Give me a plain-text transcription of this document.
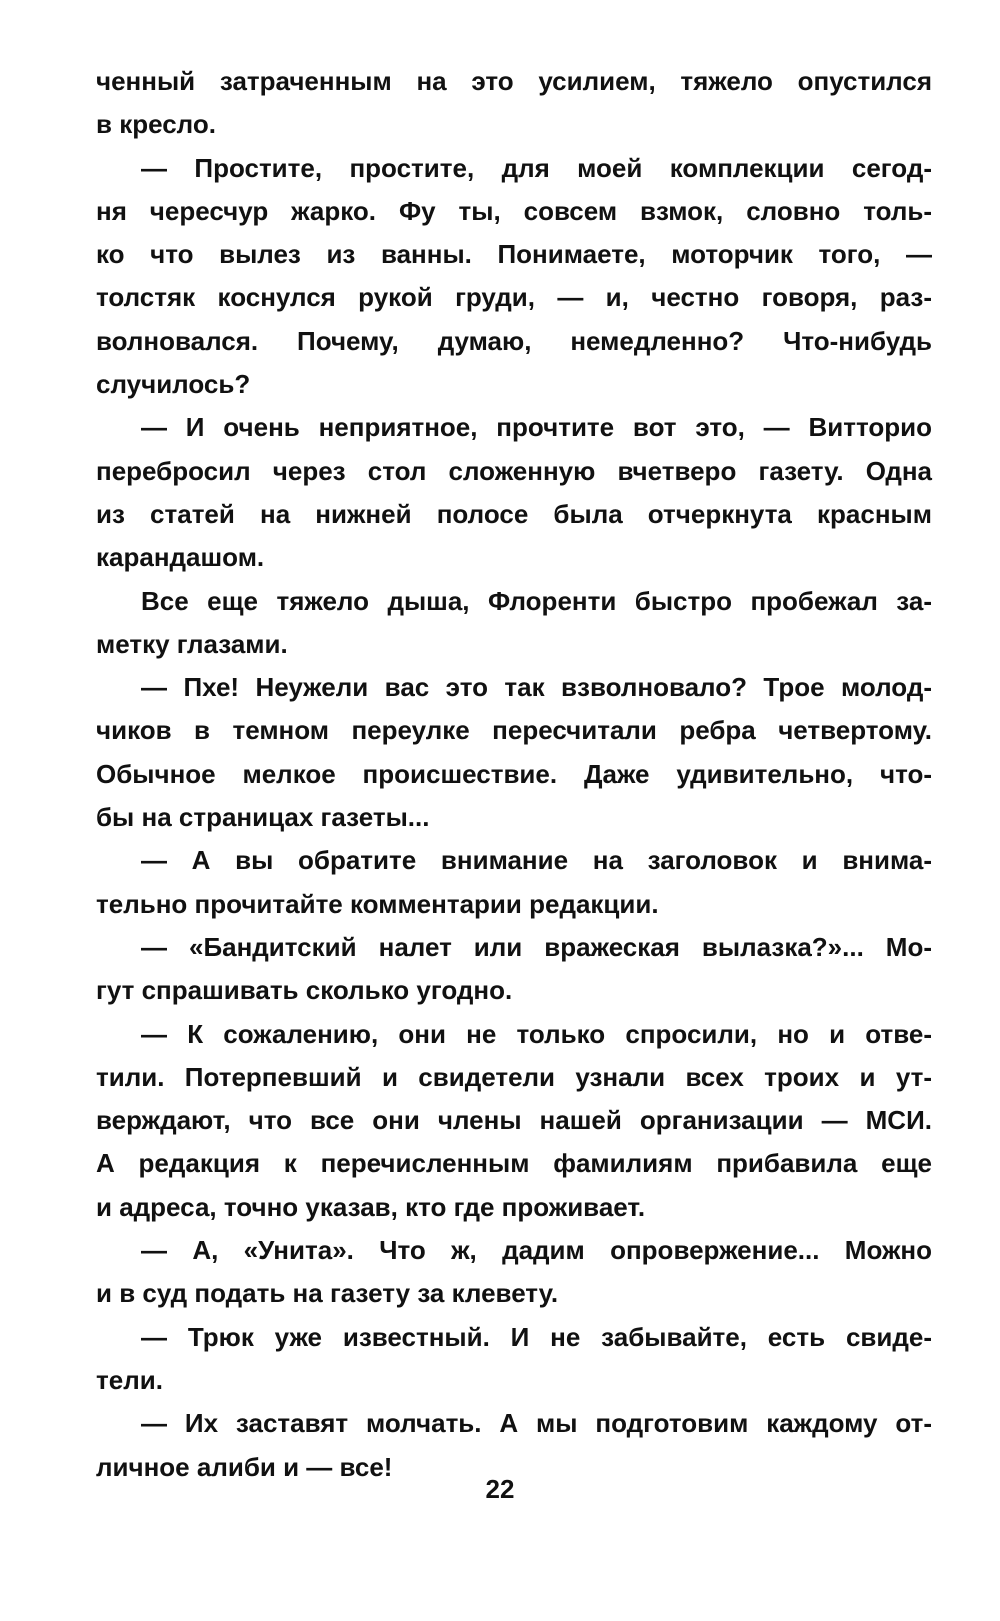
ченный затраченным на это усилием, тяжело опустился
в кресло.
— Простите, простите, для моей комплекции сегод-
ня чересчур жарко. Фу ты, совсем взмок, словно толь-
ко что вылез из ванны. Понимаете, моторчик того, —
толстяк коснулся рукой груди, — и, честно говоря, раз-
волновался. Почему, думаю, немедленно? Что-нибудь
случилось?
— И очень неприятное, прочтите вот это, — Витторио
перебросил через стол сложенную вчетверо газету. Одна
из статей на нижней полосе была отчеркнута красным
карандашом.
Все еще тяжело дыша, Флоренти быстро пробежал за-
метку глазами.
— Пхе! Неужели вас это так взволновало? Трое молод-
чиков в темном переулке пересчитали ребра четвертому.
Обычное мелкое происшествие. Даже удивительно, что-
бы на страницах газеты...
— А вы обратите внимание на заголовок и внима-
тельно прочитайте комментарии редакции.
— «Бандитский налет или вражеская вылазка?»... Мо-
гут спрашивать сколько угодно.
— К сожалению, они не только спросили, но и отве-
тили. Потерпевший и свидетели узнали всех троих и ут-
верждают, что все они члены нашей организации — МСИ.
А редакция к перечисленным фамилиям прибавила еще
и адреса, точно указав, кто где проживает.
— А, «Унита». Что ж, дадим опровержение... Можно
и в суд подать на газету за клевету.
— Трюк уже известный. И не забывайте, есть свиде-
тели.
— Их заставят молчать. А мы подготовим каждому от-
личное алиби и — все!
22
